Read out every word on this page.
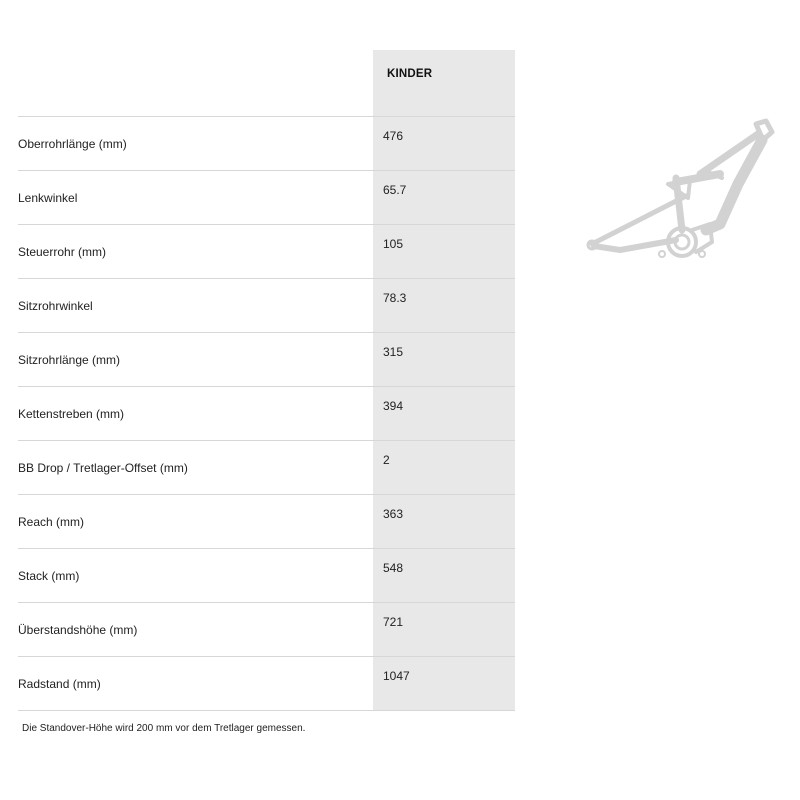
	KINDER
Oberrohrlänge (mm)	476
Lenkwinkel	65.7
Steuerrohr (mm)	105
Sitzrohrwinkel	78.3
Sitzrohrlänge (mm)	315
Kettenstreben (mm)	394
BB Drop / Tretlager-Offset (mm)	2
Reach (mm)	363
Stack (mm)	548
Überstandshöhe (mm)	721
Radstand (mm)	1047
Die Standover-Höhe wird 200 mm vor dem Tretlager gemessen.
